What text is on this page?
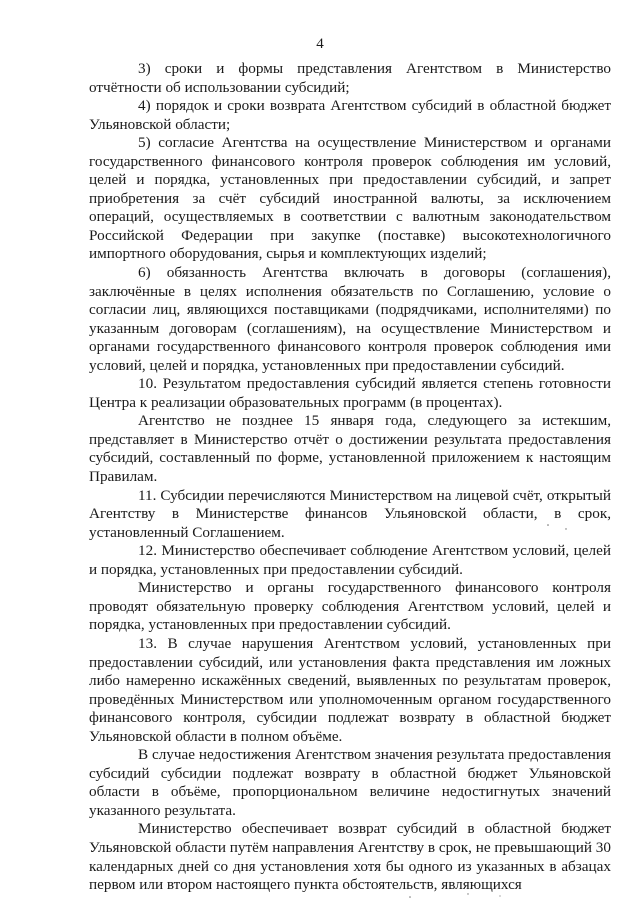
4

3) сроки и формы представления Агентством в Министерство отчётности об использовании субсидий;

4) порядок и сроки возврата Агентством субсидий в областной бюджет Ульяновской области;

5) согласие Агентства на осуществление Министерством и органами государственного финансового контроля проверок соблюдения им условий, целей и порядка, установленных при предоставлении субсидий, и запрет приобретения за счёт субсидий иностранной валюты, за исключением операций, осуществляемых в соответствии с валютным законодательством Российской Федерации при закупке (поставке) высокотехнологичного импортного оборудования, сырья и комплектующих изделий;

6) обязанность Агентства включать в договоры (соглашения), заключённые в целях исполнения обязательств по Соглашению, условие о согласии лиц, являющихся поставщиками (подрядчиками, исполнителями) по указанным договорам (соглашениям), на осуществление Министерством и органами государственного финансового контроля проверок соблюдения ими условий, целей и порядка, установленных при предоставлении субсидий.

10. Результатом предоставления субсидий является степень готовности Центра к реализации образовательных программ (в процентах).

Агентство не позднее 15 января года, следующего за истекшим, представляет в Министерство отчёт о достижении результата предоставления субсидий, составленный по форме, установленной приложением к настоящим Правилам.

11. Субсидии перечисляются Министерством на лицевой счёт, открытый Агентству в Министерстве финансов Ульяновской области, в срок, установленный Соглашением.

12. Министерство обеспечивает соблюдение Агентством условий, целей и порядка, установленных при предоставлении субсидий.

Министерство и органы государственного финансового контроля проводят обязательную проверку соблюдения Агентством условий, целей и порядка, установленных при предоставлении субсидий.

13. В случае нарушения Агентством условий, установленных при предоставлении субсидий, или установления факта представления им ложных либо намеренно искажённых сведений, выявленных по результатам проверок, проведённых Министерством или уполномоченным органом государственного финансового контроля, субсидии подлежат возврату в областной бюджет Ульяновской области в полном объёме.

В случае недостижения Агентством значения результата предоставления субсидий субсидии подлежат возврату в областной бюджет Ульяновской области в объёме, пропорциональном величине недостигнутых значений указанного результата.

Министерство обеспечивает возврат субсидий в областной бюджет Ульяновской области путём направления Агентству в срок, не превышающий 30 календарных дней со дня установления хотя бы одного из указанных в абзацах первом или втором настоящего пункта обстоятельств, являющихся
